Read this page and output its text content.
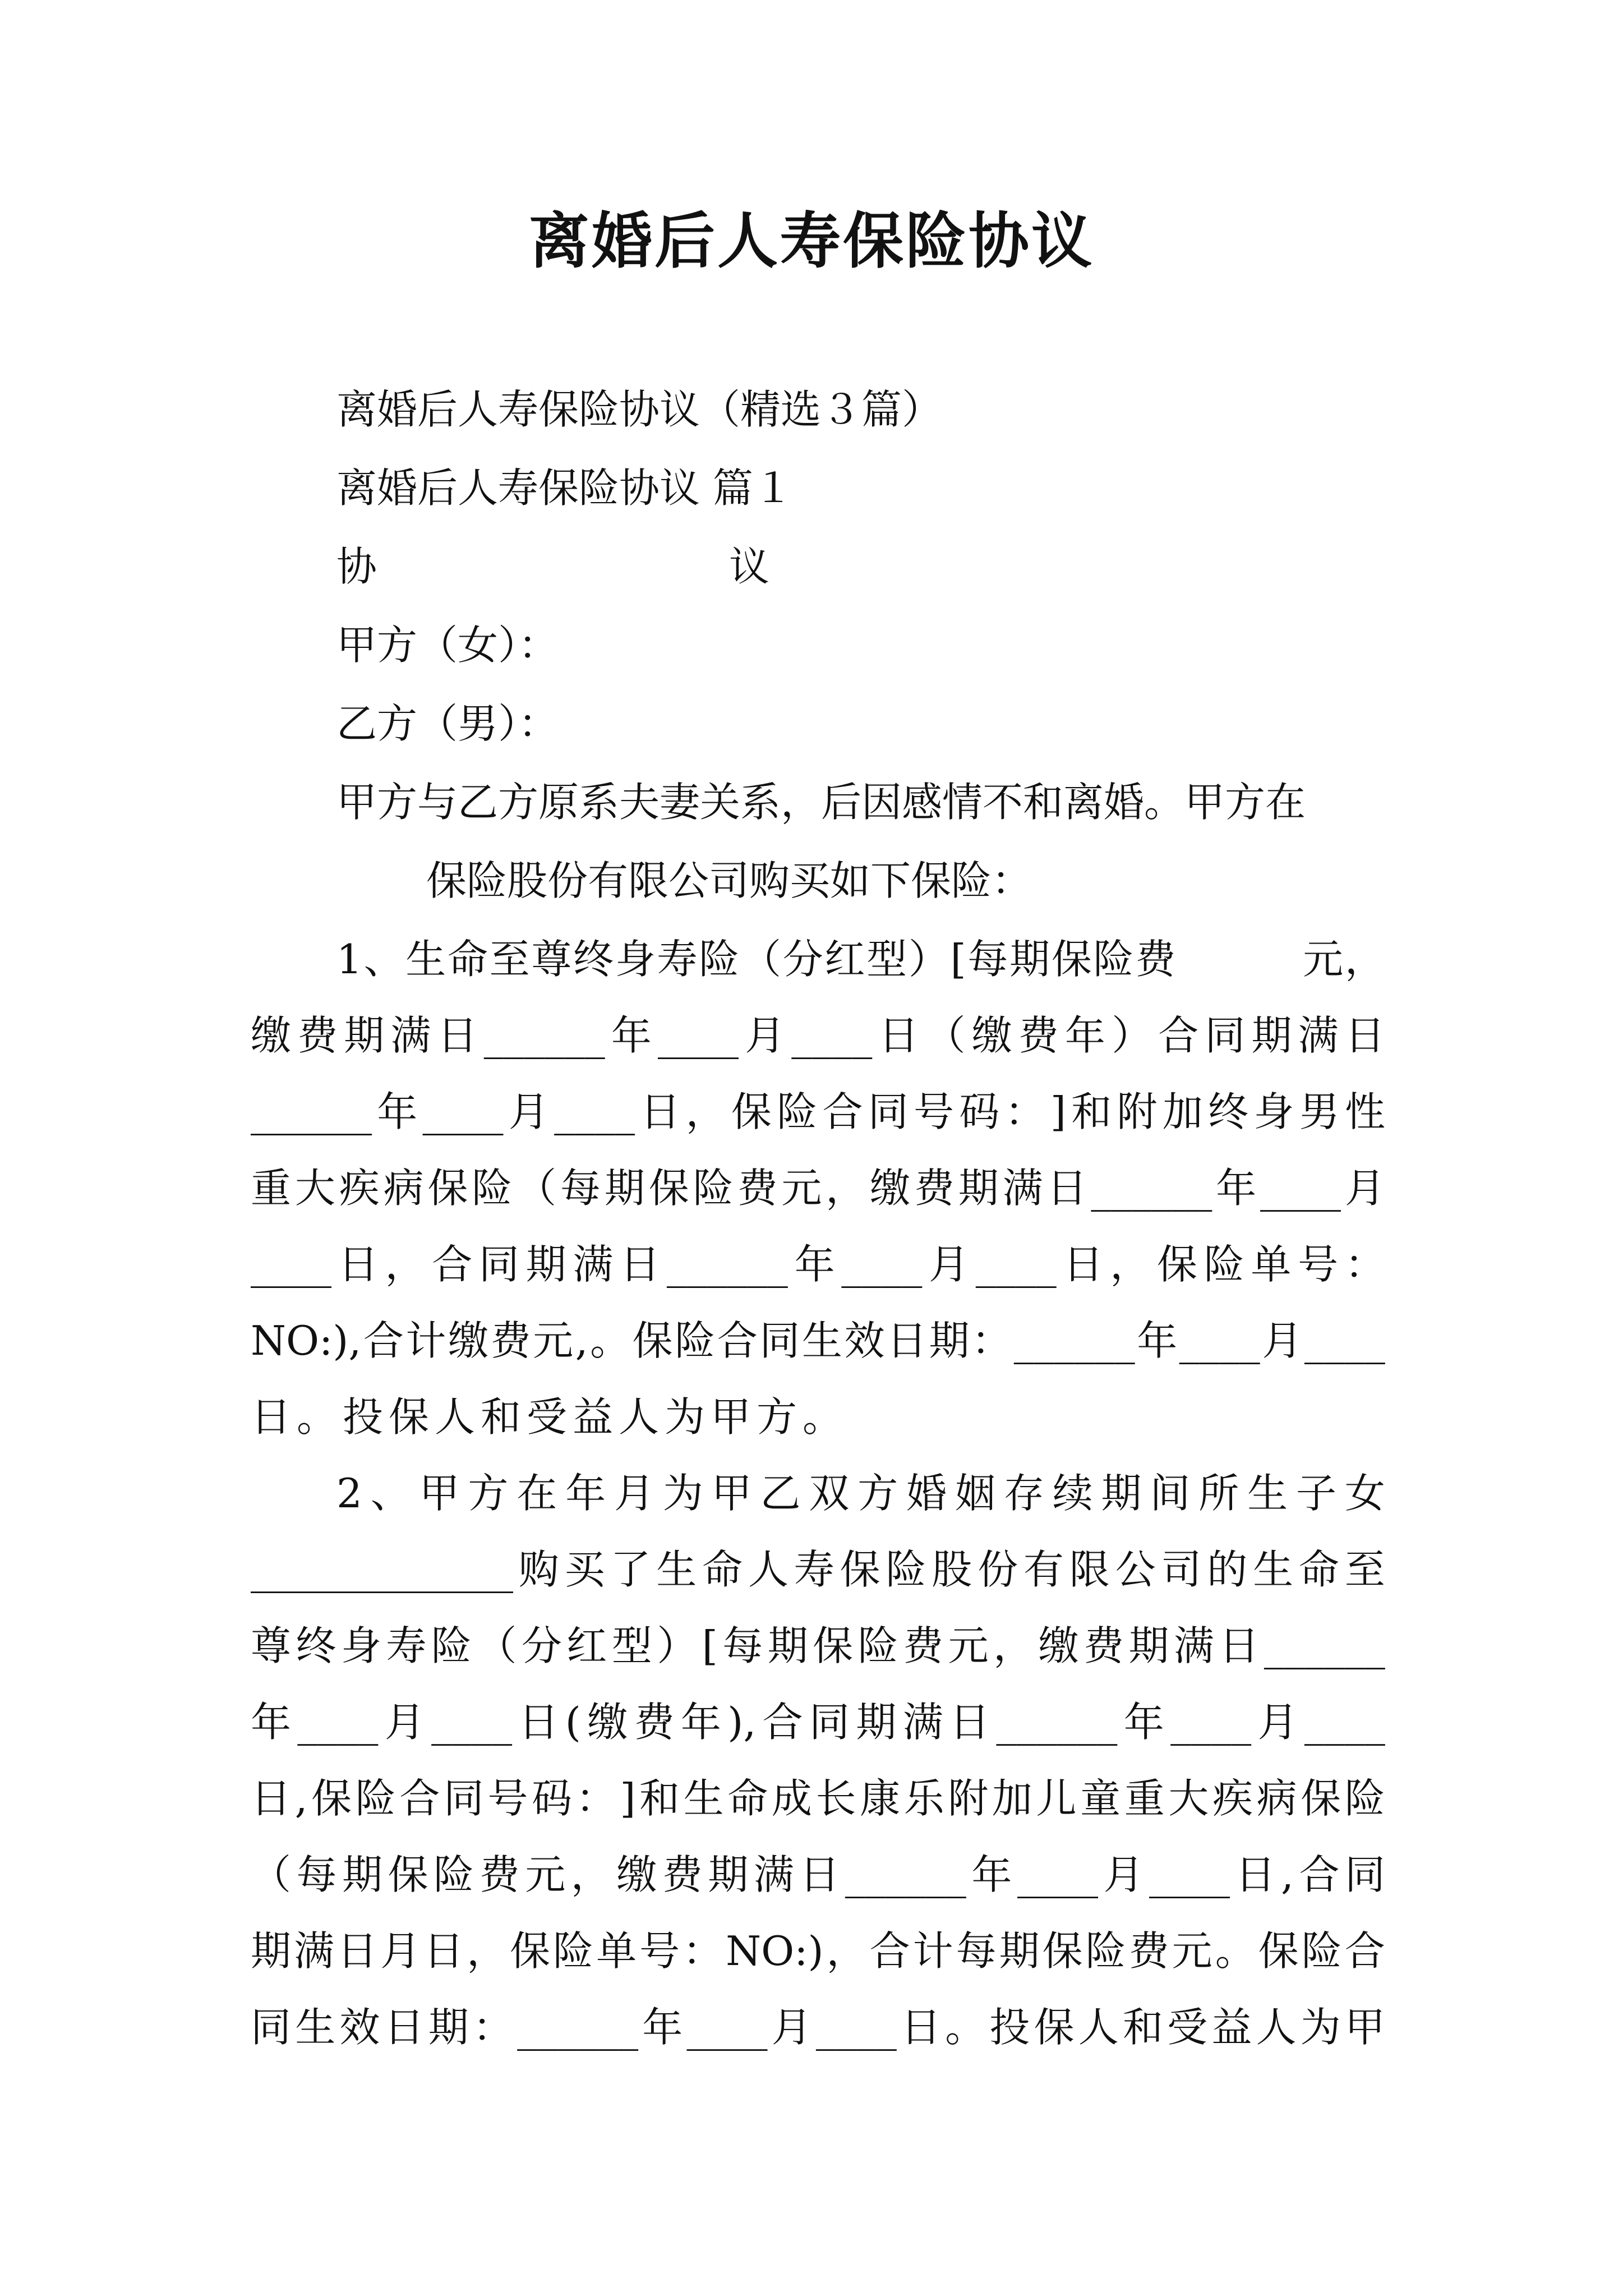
离婚后人寿保险协议
离婚后人寿保险协议（精选３篇）
离婚后人寿保险协议 篇１
协	议
甲方（女）：
乙方（男）：
甲方与乙方原系夫妻关系，后因感情不和离婚。甲方在
保险股份有限公司购买如下保险：
1 、 生 命 至 尊 终 身 寿 险 （ 分 红 型 ） [ 每 期 保 险 费

　	元 ，
缴 费 期 满 日 ______ 年 ____ 月 ____ 日 （ 缴 费 年 ） 合 同 期 满 日
______ 年 ____ 月 ____ 日 ， 保 险 合 同 号 码 ： ] 和 附 加 终 身 男 性
重 大 疾 病 保 险 （ 每 期 保 险 费 元 ， 缴 费 期 满 日 ______ 年 ____ 月
____ 日 ， 合 同 期 满 日 ______ 年 ____ 月 ____ 日 ， 保 险 单 号 ：
NO:), 合 计 缴 费 元 , 。 保 险 合 同 生 效 日 期 ： ______ 年 ____ 月 ____
日。投保人和受益人为甲方。
2 、 甲 方 在 年 月 为 甲 乙 双 方 婚 姻 存 续 期 间 所 生 子 女
_____________ 购 买 了 生 命 人 寿 保 险 股 份 有 限 公 司 的 生 命 至
尊 终 身 寿 险 （ 分 红 型 ） [ 每 期 保 险 费 元 ， 缴 费 期 满 日 ______
年 ____ 月 ____ 日 ( 缴 费 年 ), 合 同 期 满 日 ______ 年 ____ 月 ____
日 , 保 险 合 同 号 码 ： ] 和 生 命 成 长 康 乐 附 加 儿 童 重 大 疾 病 保 险
（ 每 期 保 险 费 元 ， 缴 费 期 满 日 ______ 年 ____ 月 ____ 日 , 合 同
期 满 日 月 日 ， 保 险 单 号 ： NO:) ， 合 计 每 期 保 险 费 元 。 保 险 合
同 生 效 日 期 ： ______ 年 ____ 月 ____ 日 。 投 保 人 和 受 益 人 为 甲
